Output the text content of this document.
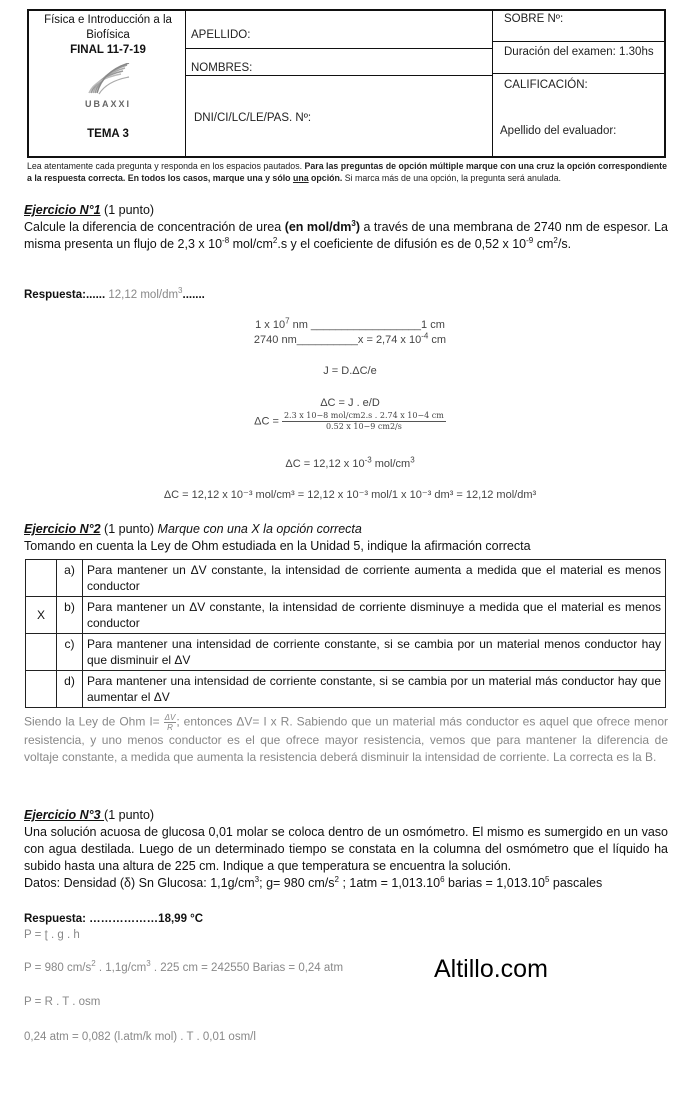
Física e Introducción a la
Biofísica
FINAL 11-7-19
UBAXXI
TEMA 3
APELLIDO:
NOMBRES:
DNI/CI/LC/LE/PAS. Nº:
SOBRE Nº:
Duración del examen: 1.30hs
CALIFICACIÓN:
Apellido del evaluador:
Lea atentamente cada pregunta y responda en los espacios pautados. Para las preguntas de opción múltiple marque con una cruz la opción correspondiente a la respuesta correcta. En todos los casos, marque una y sólo una opción. Si marca más de una opción, la pregunta será anulada.
Ejercicio N°1 (1 punto)
Calcule la diferencia de concentración de urea (en mol/$dm^3$) a través de una membrana de 2740 nm de espesor. La misma presenta un flujo de 2,3 x $10^{-8}$ mol/$cm^2.s$ y el coeficiente de difusión es de 0,52 x $10^{-9}$ $cm^2/s$.
Respuesta:...... 12,12 mol/$dm^3$.......
1 x $10^7$ nm __________________1 cm
2740 nm__________x = 2,74 x $10^{-4}$ cm
J = D.ΔC/e
ΔC = J . e/D
$\Delta C = \frac{\text{2.3 x 10−8 mol/cm2.s . 2.74 x 10−4 cm}}{0.52 x 10-9 cm2/s}$
ΔC = 12,12 x $10^{-3}$ mol/$cm^3$
ΔC = 12,12 x 10⁻³ mol/cm³ = 12,12 x 10⁻³ mol/1 x 10⁻³ dm³ = 12,12 mol/dm³
Ejercicio N°2 (1 punto) Marque con una X la opción correcta
Tomando en cuenta la Ley de Ohm estudiada en la Unidad 5, indique la afirmación correcta
	a)	Para mantener un ΔV constante, la intensidad de corriente aumenta a medida que el material es menos conductor
X	b)	Para mantener un ΔV constante, la intensidad de corriente disminuye a medida que el material es menos conductor
	c)	Para mantener una intensidad de corriente constante, si se cambia por un material menos conductor hay que disminuir el ΔV
	d)	Para mantener una intensidad de corriente constante, si se cambia por un material más conductor hay que aumentar el ΔV
Siendo la Ley de Ohm $I= \frac{\Delta V}{R}$ ; entonces ΔV= I x R. Sabiendo que un material más conductor es aquel que ofrece menor resistencia, y uno menos conductor es el que ofrece mayor resistencia, vemos que para mantener la diferencia de voltaje constante, a medida que aumenta la resistencia deberá disminuir la intensidad de corriente. La correcta es la B.
Ejercicio N°3 (1 punto)
Una solución acuosa de glucosa 0,01 molar se coloca dentro de un osmómetro. El mismo es sumergido en un vaso con agua destilada. Luego de un determinado tiempo se constata en la columna del osmómetro que el líquido ha subido hasta una altura de 225 cm. Indique a que temperatura se encuentra la solución.
Datos: Densidad (δ) Sn Glucosa: $1,1g/cm^3$; g= 980 $cm/s^2$ ; $1atm = 1,013.10^6$ barias = $1,013.10^5$ pascales
Respuesta: ………………18,99 °C
P = ʈ . g . h
P = 980 $cm/s^2$ . $1,1g/cm^3$ . 225 cm = 242550 Barias = 0,24 atm
P = R . T . osm
0,24 atm = 0,082 (l.atm/k mol) . T . 0,01 osm/l
Altillo.com
